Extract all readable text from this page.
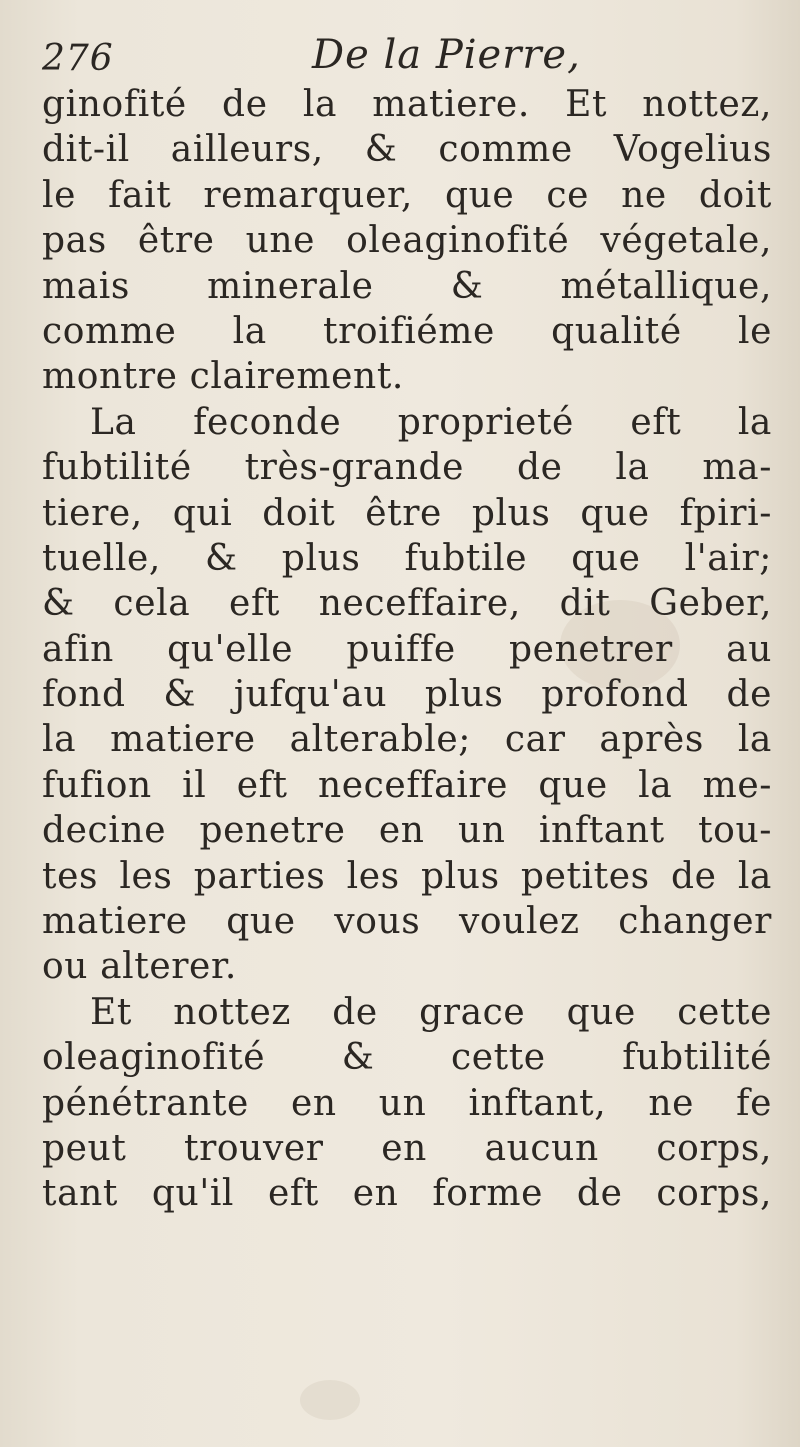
276	De la Pierre,
ginofité de la matiere. Et nottez,
dit-il ailleurs, & comme Vogelius
le fait remarquer, que ce ne doit
pas être une oleaginofité végetale,
mais minerale & métallique,
comme la troifiéme qualité le
montre clairement.
La feconde proprieté eft la
fubtilité très-grande de la ma-
tiere, qui doit être plus que fpiri-
tuelle, & plus fubtile que l'air;
& cela eft neceffaire, dit Geber,
afin qu'elle puiffe penetrer au
fond & jufqu'au plus profond de
la matiere alterable; car après la
fufion il eft neceffaire que la me-
decine penetre en un inftant tou-
tes les parties les plus petites de la
matiere que vous voulez changer
ou alterer.
Et nottez de grace que cette
oleaginofité & cette fubtilité
pénétrante en un inftant, ne fe
peut trouver en aucun corps,
tant qu'il eft en forme de corps,
